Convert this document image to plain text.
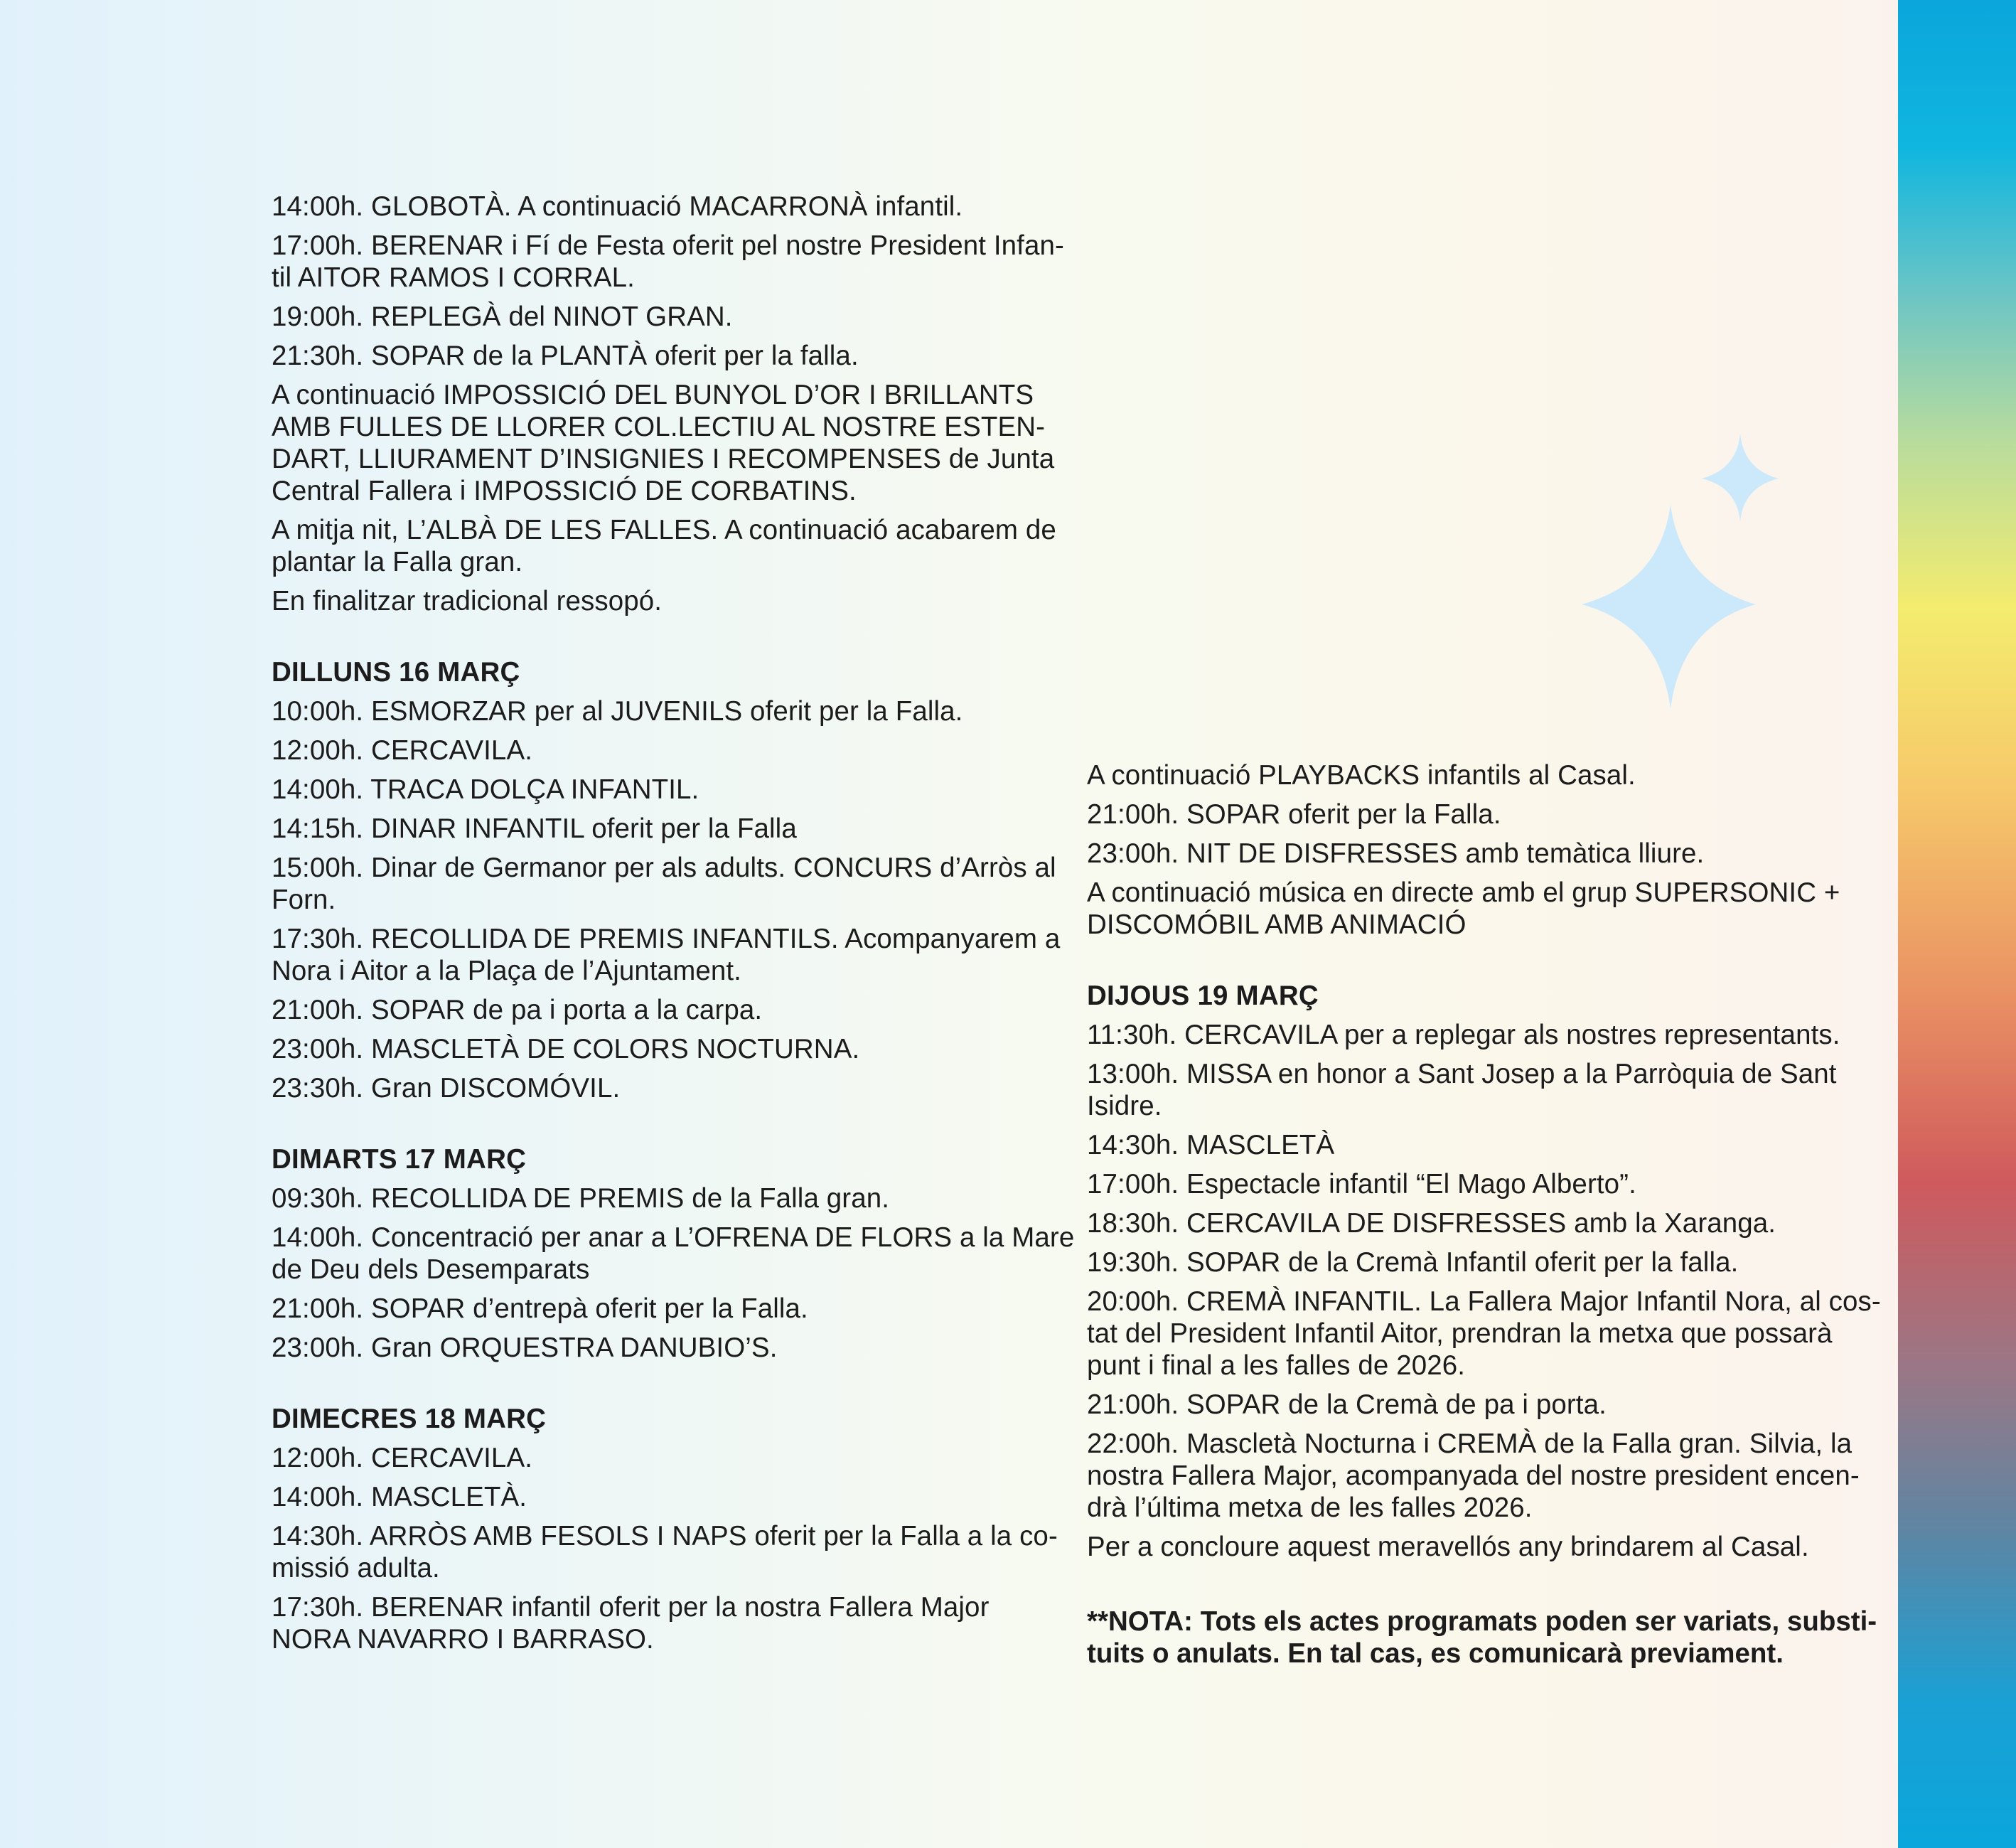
14:00h. GLOBOTÀ. A continuació MACARRONÀ infantil.
17:00h. BERENAR i Fí de Festa oferit pel nostre President Infan-
til AITOR RAMOS I CORRAL.
19:00h. REPLEGÀ del NINOT GRAN.
21:30h. SOPAR de la PLANTÀ oferit per la falla.
A continuació IMPOSSICIÓ DEL BUNYOL D’OR I BRILLANTS
AMB FULLES DE LLORER COL.LECTIU AL NOSTRE ESTEN-
DART, LLIURAMENT D’INSIGNIES I RECOMPENSES de Junta
Central Fallera i IMPOSSICIÓ DE CORBATINS.
A mitja nit, L’ALBÀ DE LES FALLES. A continuació acabarem de
plantar la Falla gran.
En finalitzar tradicional ressopó.
DILLUNS 16 MARÇ
10:00h. ESMORZAR per al JUVENILS oferit per la Falla.
12:00h. CERCAVILA.
14:00h. TRACA DOLÇA INFANTIL.
14:15h. DINAR INFANTIL oferit per la Falla
15:00h. Dinar de Germanor per als adults. CONCURS d’Arròs al
Forn.
17:30h. RECOLLIDA DE PREMIS INFANTILS. Acompanyarem a
Nora i Aitor a la Plaça de l’Ajuntament.
21:00h. SOPAR de pa i porta a la carpa.
23:00h. MASCLETÀ DE COLORS NOCTURNA.
23:30h. Gran DISCOMÓVIL.
DIMARTS 17 MARÇ
09:30h. RECOLLIDA DE PREMIS de la Falla gran.
14:00h. Concentració per anar a L’OFRENA DE FLORS a la Mare
de Deu dels Desemparats
21:00h. SOPAR d’entrepà oferit per la Falla.
23:00h. Gran ORQUESTRA DANUBIO’S.
DIMECRES 18 MARÇ
12:00h. CERCAVILA.
14:00h. MASCLETÀ.
14:30h. ARRÒS AMB FESOLS I NAPS oferit per la Falla a la co-
missió adulta.
17:30h. BERENAR infantil oferit per la nostra Fallera Major
NORA NAVARRO I BARRASO.
A continuació PLAYBACKS infantils al Casal.
21:00h. SOPAR oferit per la Falla.
23:00h. NIT DE DISFRESSES amb temàtica lliure.
A continuació música en directe amb el grup SUPERSONIC +
DISCOMÓBIL AMB ANIMACIÓ
DIJOUS 19 MARÇ
11:30h. CERCAVILA per a replegar als nostres representants.
13:00h. MISSA en honor a Sant Josep a la Parròquia de Sant
Isidre.
14:30h. MASCLETÀ
17:00h. Espectacle infantil “El Mago Alberto”.
18:30h. CERCAVILA DE DISFRESSES amb la Xaranga.
19:30h. SOPAR de la Cremà Infantil oferit per la falla.
20:00h. CREMÀ INFANTIL. La Fallera Major Infantil Nora, al cos-
tat del President Infantil Aitor, prendran la metxa que possarà
punt i final a les falles de 2026.
21:00h. SOPAR de la Cremà de pa i porta.
22:00h. Mascletà Nocturna i CREMÀ de la Falla gran. Silvia, la
nostra Fallera Major, acompanyada del nostre president encen-
drà l’última metxa de les falles 2026.
Per a concloure aquest meravellós any brindarem al Casal.
**NOTA: Tots els actes programats poden ser variats, substi-
tuits o anulats. En tal cas, es comunicarà previament.
